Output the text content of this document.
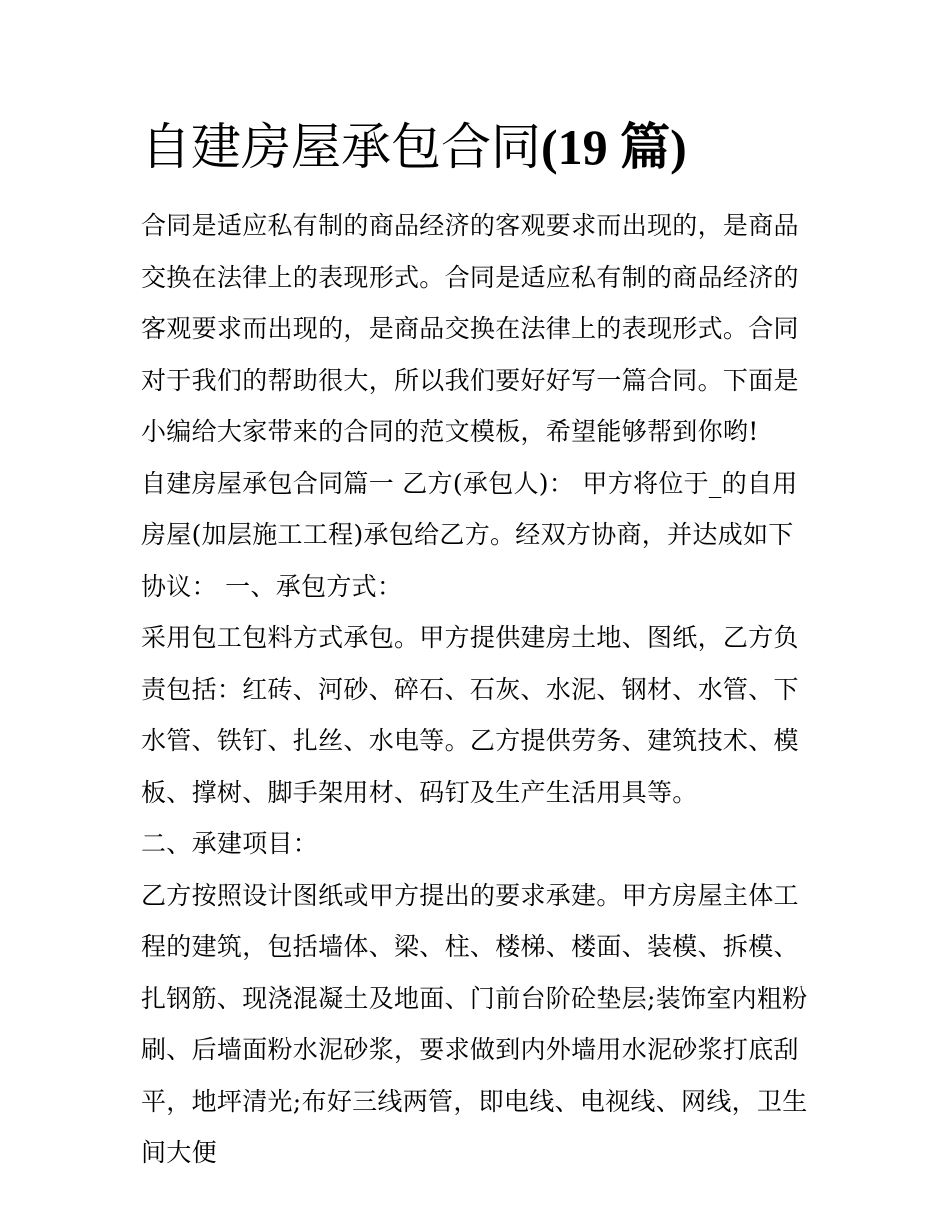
自建房屋承包合同(19 篇)

合同是适应私有制的商品经济的客观要求而出现的，是商品交换在法律上的表现形式。合同是适应私有制的商品经济的客观要求而出现的，是商品交换在法律上的表现形式。合同对于我们的帮助很大，所以我们要好好写一篇合同。下面是小编给大家带来的合同的范文模板，希望能够帮到你哟!

自建房屋承包合同篇一 乙方(承包人)： 甲方将位于_的自用房屋(加层施工工程)承包给乙方。经双方协商，并达成如下协议： 一、承包方式：

采用包工包料方式承包。甲方提供建房土地、图纸，乙方负责包括：红砖、河砂、碎石、石灰、水泥、钢材、水管、下水管、铁钉、扎丝、水电等。乙方提供劳务、建筑技术、模板、撑树、脚手架用材、码钉及生产生活用具等。

二、承建项目：

乙方按照设计图纸或甲方提出的要求承建。甲方房屋主体工程的建筑，包括墙体、梁、柱、楼梯、楼面、装模、拆模、扎钢筋、现浇混凝土及地面、门前台阶砼垫层;装饰室内粗粉刷、后墙面粉水泥砂浆，要求做到内外墙用水泥砂浆打底刮平，地坪清光;布好三线两管，即电线、电视线、网线，卫生间大便
